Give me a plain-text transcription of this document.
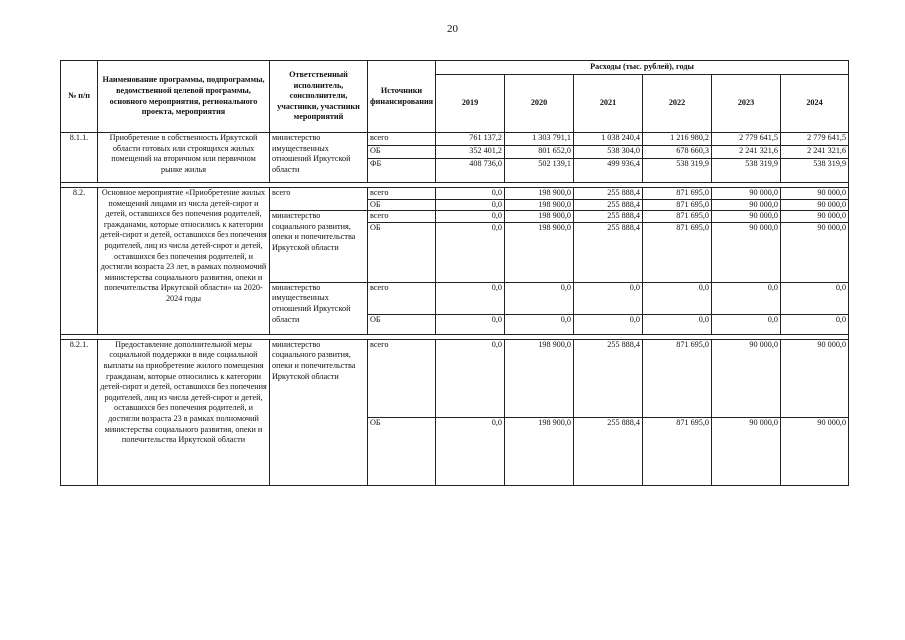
20
№ п/п	Наименование программы, подпрограммы, ведомственной целевой программы, основного мероприятия, регионального проекта, мероприятия	Ответственный исполнитель, соисполнители, участники, участники мероприятий	Источники финансирования	Расходы (тыс. рублей), годы					
				2019	2020	2021	2022	2023	2024
8.1.1.	Приобретение в собственность Иркутской области готовых или строящихся жилых помещений на вторичном или первичном рынке жилья	министерство имущественных отношений Иркутской области	всего	761 137,2	1 303 791,1	1 038 240,4	1 216 980,2	2 779 641,5	2 779 641,5
			ОБ	352 401,2	801 652,0	538 304,0	678 660,3	2 241 321,6	2 241 321,6
			ФБ	408 736,0	502 139,1	499 936,4	538 319,9	538 319,9	538 319,9

8.2.	Основное мероприятие «Приобретение жилых помещений лицами из числа детей-сирот и детей, оставшихся без попечения родителей, гражданами, которые относились к категории детей-сирот и детей, оставшихся без попечения родителей, лиц из числа детей-сирот и детей, оставшихся без попечения родителей, и достигли возраста 23 лет, в рамках полномочий министерства социального развития, опеки и попечительства Иркутской области» на 2020-2024 годы	всего	всего	0,0	198 900,0	255 888,4	871 695,0	90 000,0	90 000,0
			ОБ	0,0	198 900,0	255 888,4	871 695,0	90 000,0	90 000,0
		министерство социального развития, опеки и попечительства Иркутской области	всего	0,0	198 900,0	255 888,4	871 695,0	90 000,0	90 000,0
			ОБ	0,0	198 900,0	255 888,4	871 695,0	90 000,0	90 000,0
		министерство имущественных отношений Иркутской области	всего	0,0	0,0	0,0	0,0	0,0	0,0
			ОБ	0,0	0,0	0,0	0,0	0,0	0,0

8.2.1.	Предоставление дополнительной меры социальной поддержки в виде социальной выплаты на приобретение жилого помещения гражданам, которые относились к категории детей-сирот и детей, оставшихся без попечения родителей, лиц из числа детей-сирот и детей, оставшихся без попечения родителей, и достигли возраста 23 в рамках полномочий министерства социального развития, опеки и попечительства Иркутской области	министерство социального развития, опеки и попечительства Иркутской области	всего	0,0	198 900,0	255 888,4	871 695,0	90 000,0	90 000,0
			ОБ	0,0	198 900,0	255 888,4	871 695,0	90 000,0	90 000,0
